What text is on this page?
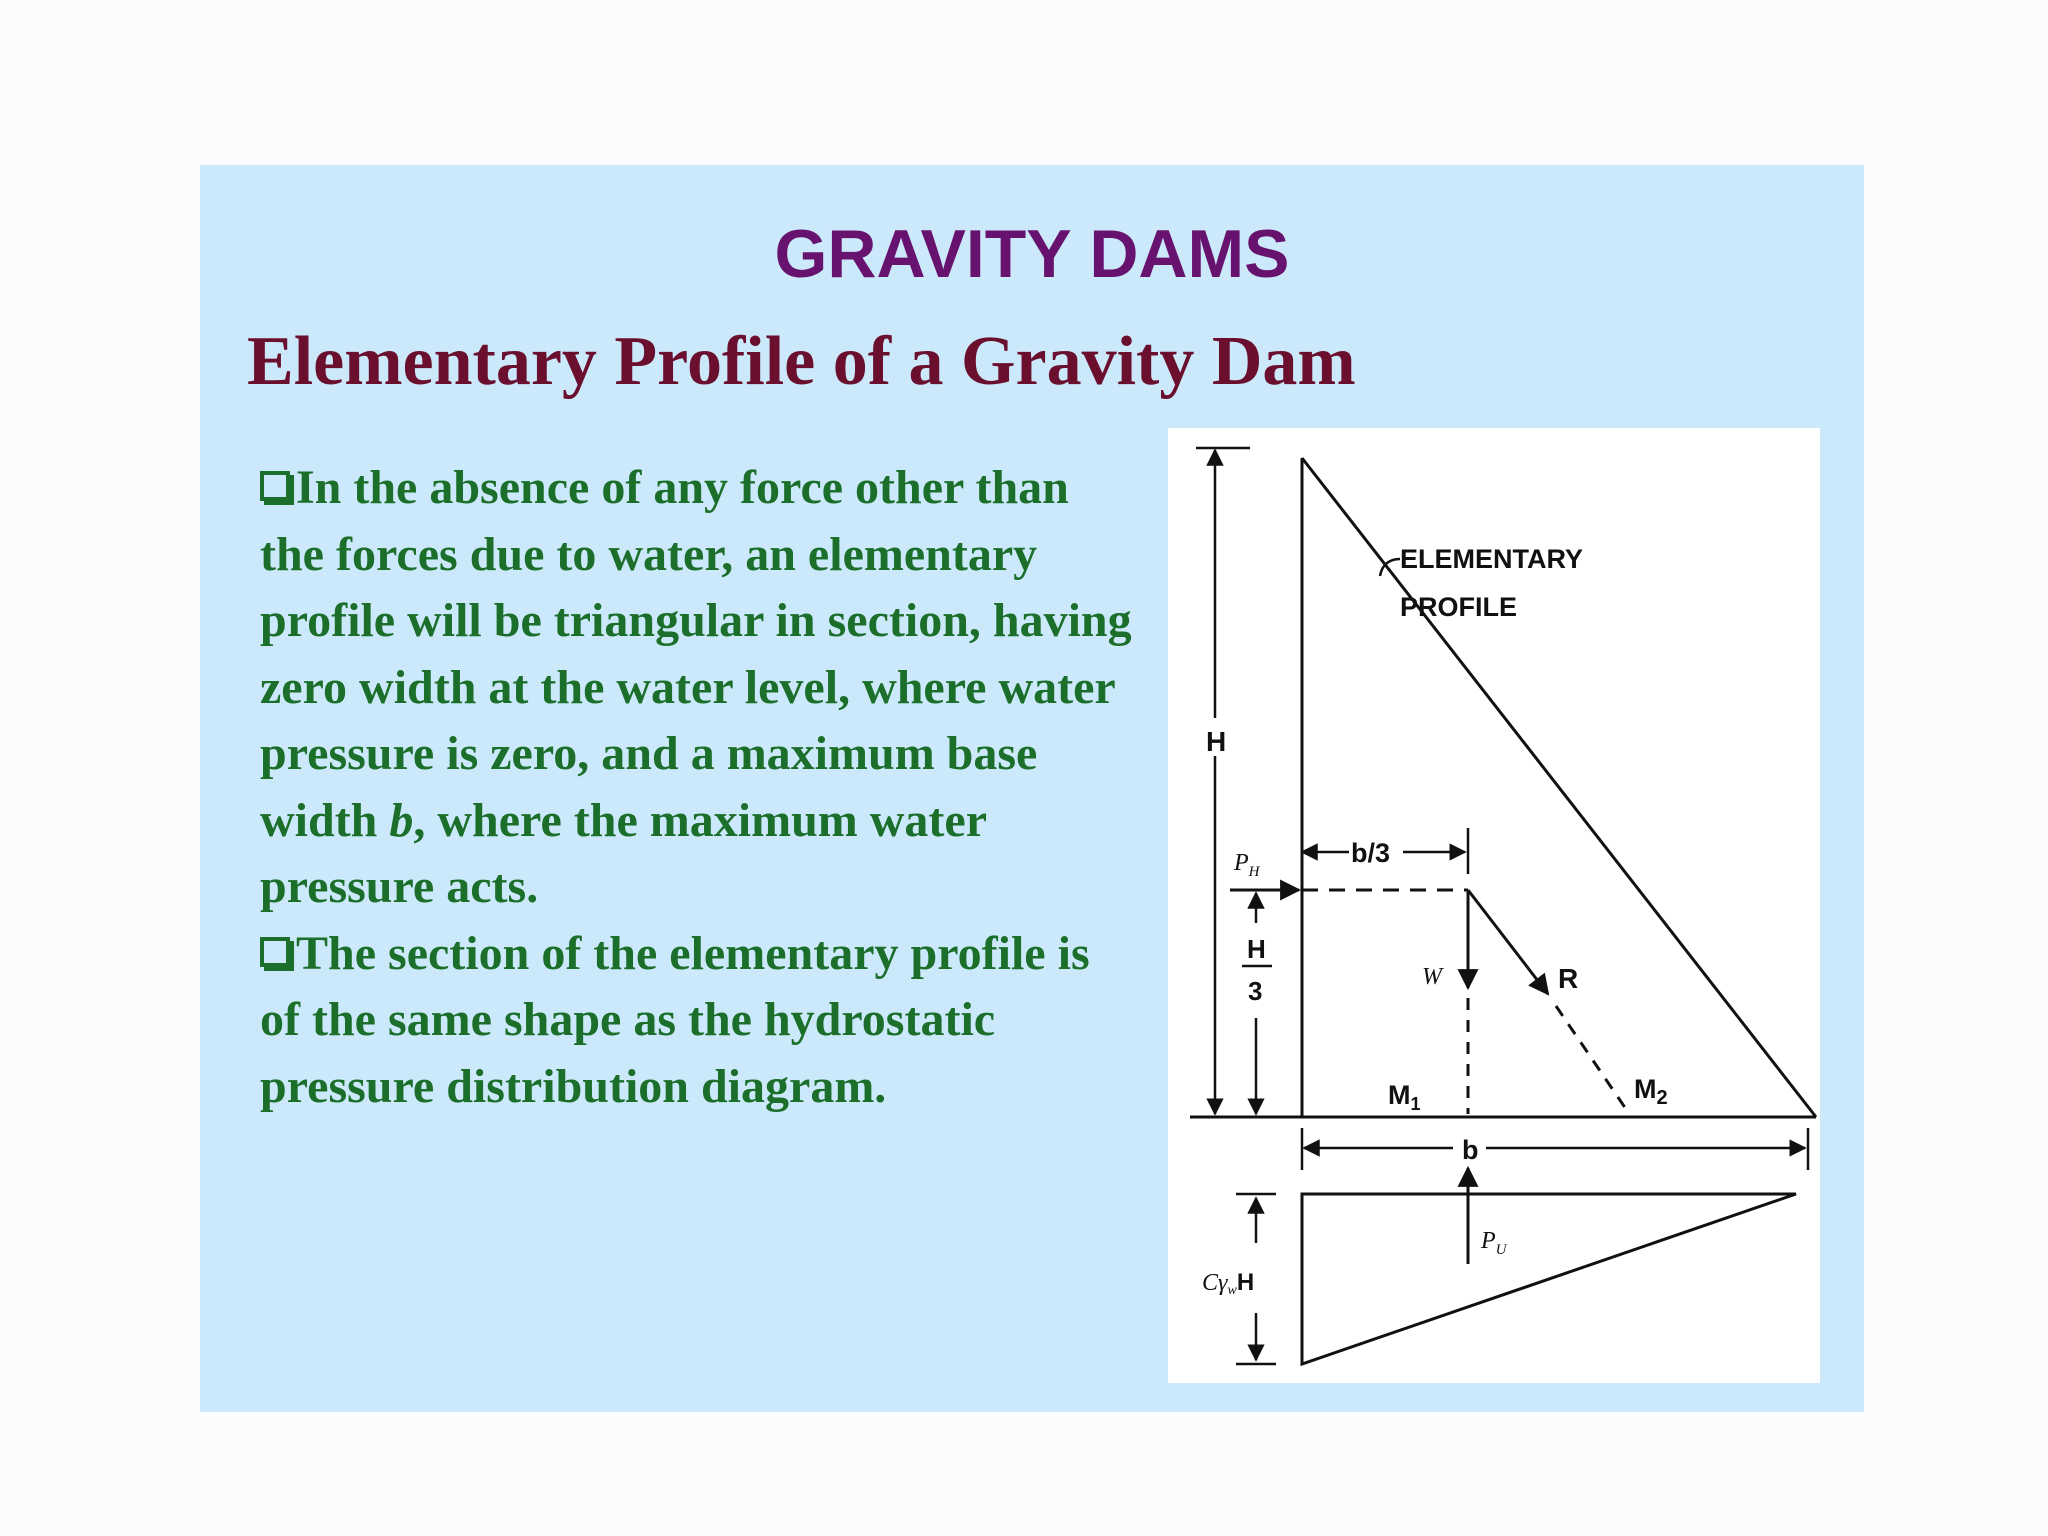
GRAVITY DAMS
Elementary Profile of a Gravity Dam

In the absence of any force other than the forces due to water, an elementary profile will be triangular in section, having zero width at the water level, where water pressure is zero, and a maximum base width b, where the maximum water pressure acts.

The section of the elementary profile is of the same shape as the hydrostatic pressure distribution diagram.

H
ELEMENTARY
PROFILE
b/3
$P_H$
H
3	W	R
$M_1$	$M_2$
b
$P_U$
CγwH
